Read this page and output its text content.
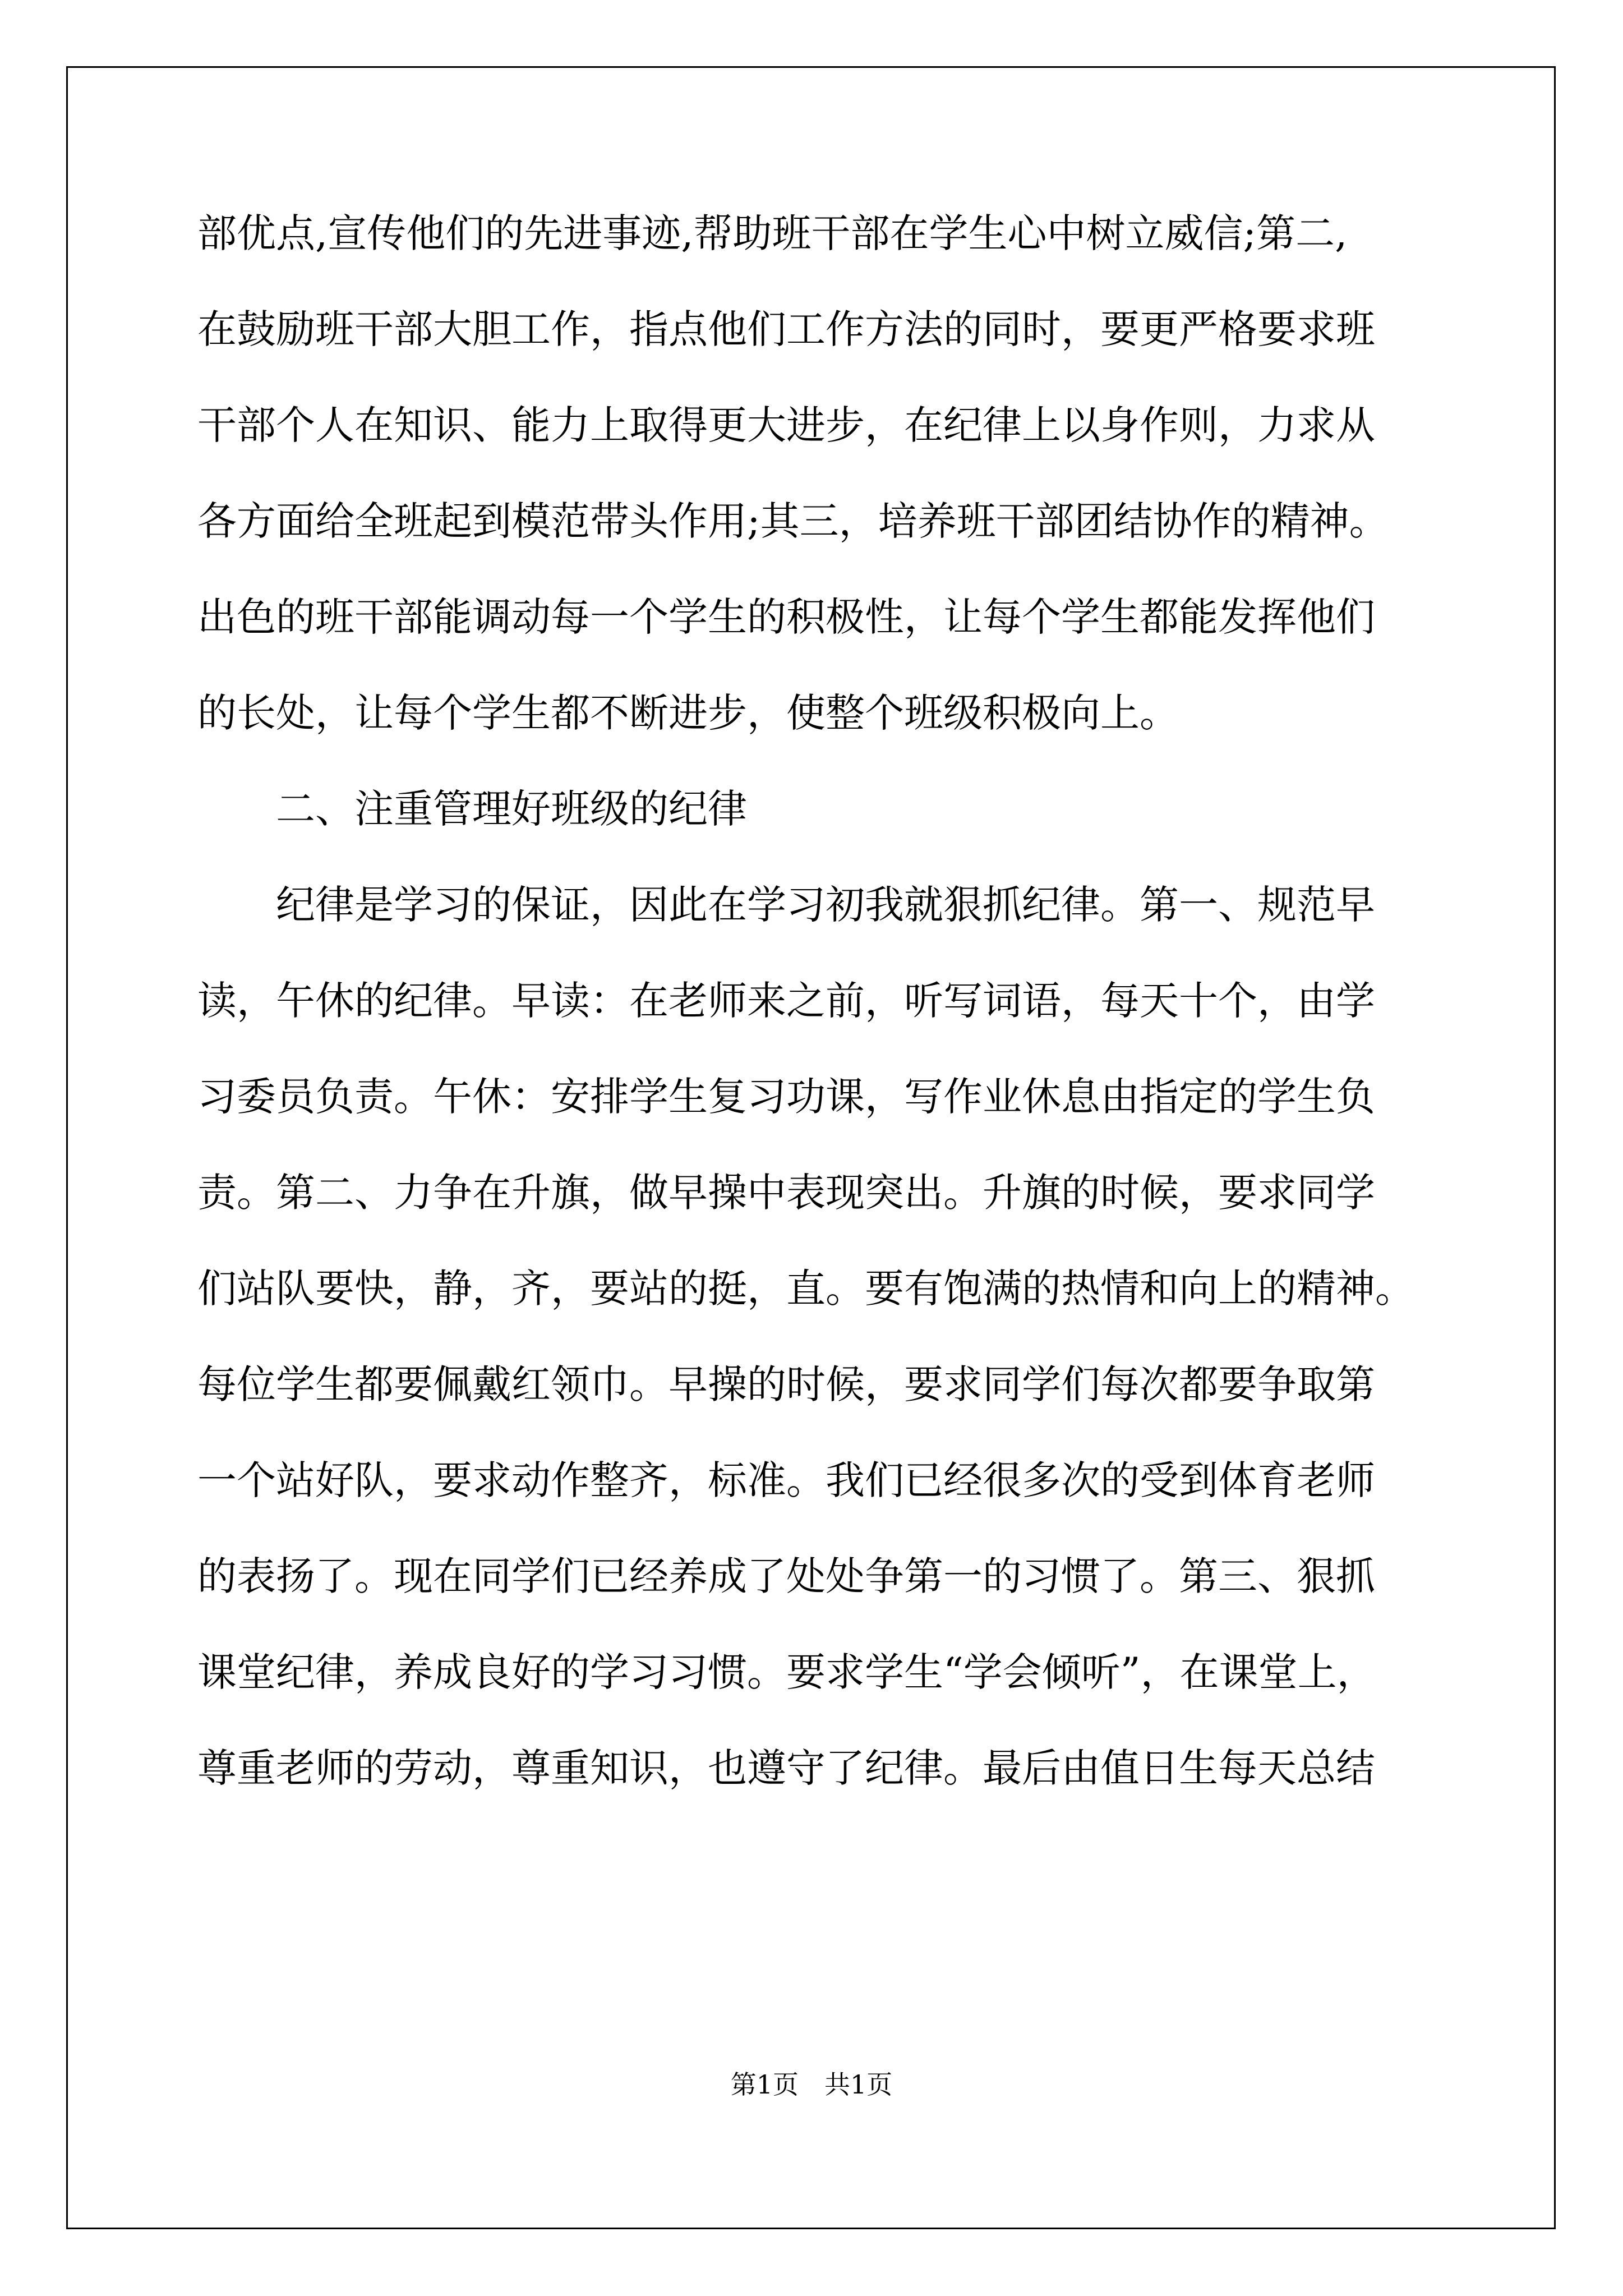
部优点,宣传他们的先进事迹,帮助班干部在学生心中树立威信;第二,
在鼓励班干部大胆工作，指点他们工作方法的同时，要更严格要求班
干部个人在知识、能力上取得更大进步，在纪律上以身作则，力求从
各方面给全班起到模范带头作用;其三，培养班干部团结协作的精神。
出色的班干部能调动每一个学生的积极性，让每个学生都能发挥他们
的长处，让每个学生都不断进步，使整个班级积极向上。
　　二、注重管理好班级的纪律
　　纪律是学习的保证，因此在学习初我就狠抓纪律。第一、规范早
读，午休的纪律。早读：在老师来之前，听写词语，每天十个，由学
习委员负责。午休：安排学生复习功课，写作业休息由指定的学生负
责。第二、力争在升旗，做早操中表现突出。升旗的时候，要求同学
们站队要快，静，齐，要站的挺，直。要有饱满的热情和向上的精神。
每位学生都要佩戴红领巾。早操的时候，要求同学们每次都要争取第
一个站好队，要求动作整齐，标准。我们已经很多次的受到体育老师
的表扬了。现在同学们已经养成了处处争第一的习惯了。第三、狠抓
课堂纪律，养成良好的学习习惯。要求学生“学会倾听”，在课堂上，
尊重老师的劳动，尊重知识，也遵守了纪律。最后由值日生每天总结
第1页　共1页
